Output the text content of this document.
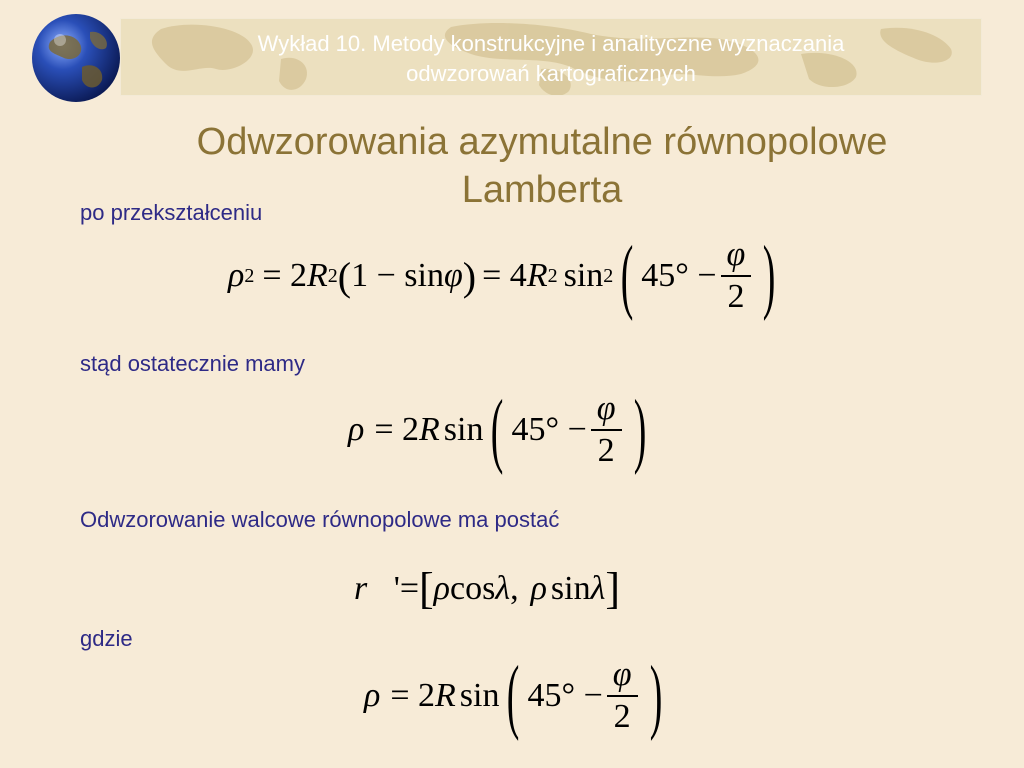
Wykład 10. Metody konstrukcyjne i analityczne wyznaczania
odwzorowań kartograficznych
Odwzorowania azymutalne równopolowe
Lamberta
po przekształceniu
ρ 2 = 2 R 2 ( 1 − sin φ ) = 4 R 2 sin 2 ( $45^\circ - \frac{\varphi}{2}$ )
stąd ostatecznie mamy
ρ = 2 R sin ( $45^\circ - \frac{\varphi}{2}$ )
Odwzorowanie walcowe równopolowe ma postać
r⃗ ' = [ ρ cos λ , ρ sin λ ]
gdzie
ρ = 2 R sin ( $45^\circ - \frac{\varphi}{2}$ )
